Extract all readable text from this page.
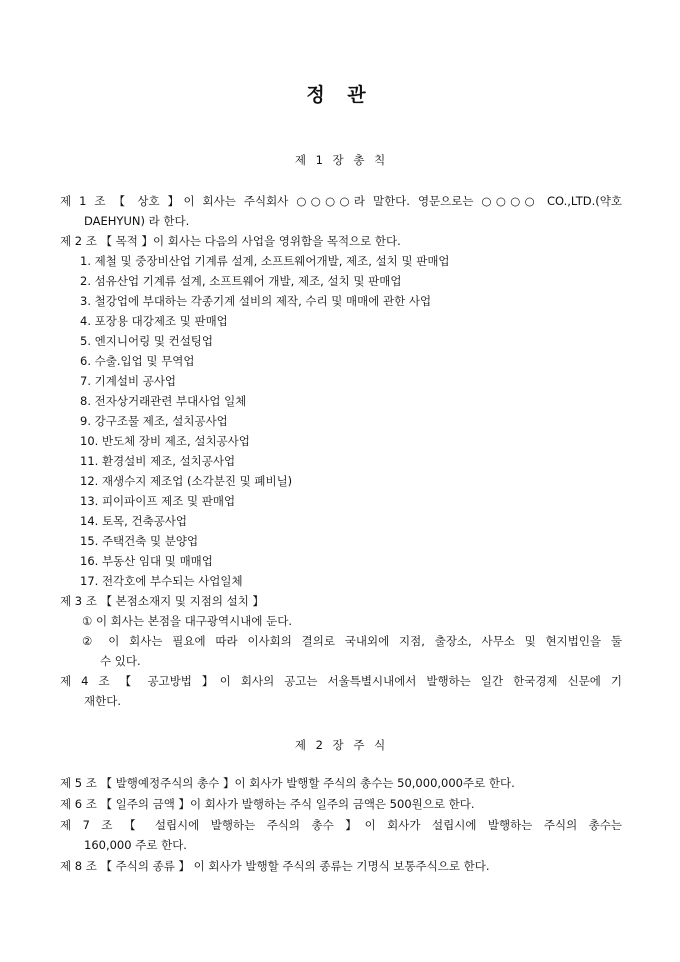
정 관
제 1 장 총 칙
제 1 조 【 상호 】이 회사는 주식회사 ○○○○라 말한다. 영문으로는 ○○○○ CO.,LTD.(약호
DAEHYUN) 라 한다.
제 2 조 【 목적 】이 회사는 다음의 사업을 영위함을 목적으로 한다.
1. 제철 및 중장비산업 기계류 설계, 소프트웨어개발, 제조, 설치 및 판매업
2. 섬유산업 기계류 설계, 소프트웨어 개발, 제조, 설치 및 판매업
3. 철강업에 부대하는 각종기계 설비의 제작, 수리 및 매매에 관한 사업
4. 포장용 대강제조 및 판매업
5. 엔지니어링 및 컨설팅업
6. 수출.입업 및 무역업
7. 기계설비 공사업
8. 전자상거래관련 부대사업 일체
9. 강구조물 제조, 설치공사업
10. 반도체 장비 제조, 설치공사업
11. 환경설비 제조, 설치공사업
12. 재생수지 제조업 (소각분진 및 폐비닐)
13. 피이파이프 제조 및 판매업
14. 토목, 건축공사업
15. 주택건축 및 분양업
16. 부동산 임대 및 매매업
17. 전각호에 부수되는 사업일체
제 3 조 【 본점소재지 및 지점의 설치 】
① 이 회사는 본점을 대구광역시내에 둔다.
② 이 회사는 필요에 따라 이사회의 결의로 국내외에 지점, 출장소, 사무소 및 현지법인을 둘
수 있다.
제 4 조 【 공고방법 】이 회사의 공고는 서울특별시내에서 발행하는 일간 한국경제 신문에 기
재한다.
제 2 장 주 식
제 5 조 【 발행예정주식의 총수 】이 회사가 발행할 주식의 총수는 50,000,000주로 한다.
제 6 조 【 일주의 금액 】이 회사가 발행하는 주식 일주의 금액은 500원으로 한다.
제 7 조 【 설립시에 발행하는 주식의 총수 】이 회사가 설립시에 발행하는 주식의 총수는
160,000 주로 한다.
제 8 조 【 주식의 종류 】 이 회사가 발행할 주식의 종류는 기명식 보통주식으로 한다.
